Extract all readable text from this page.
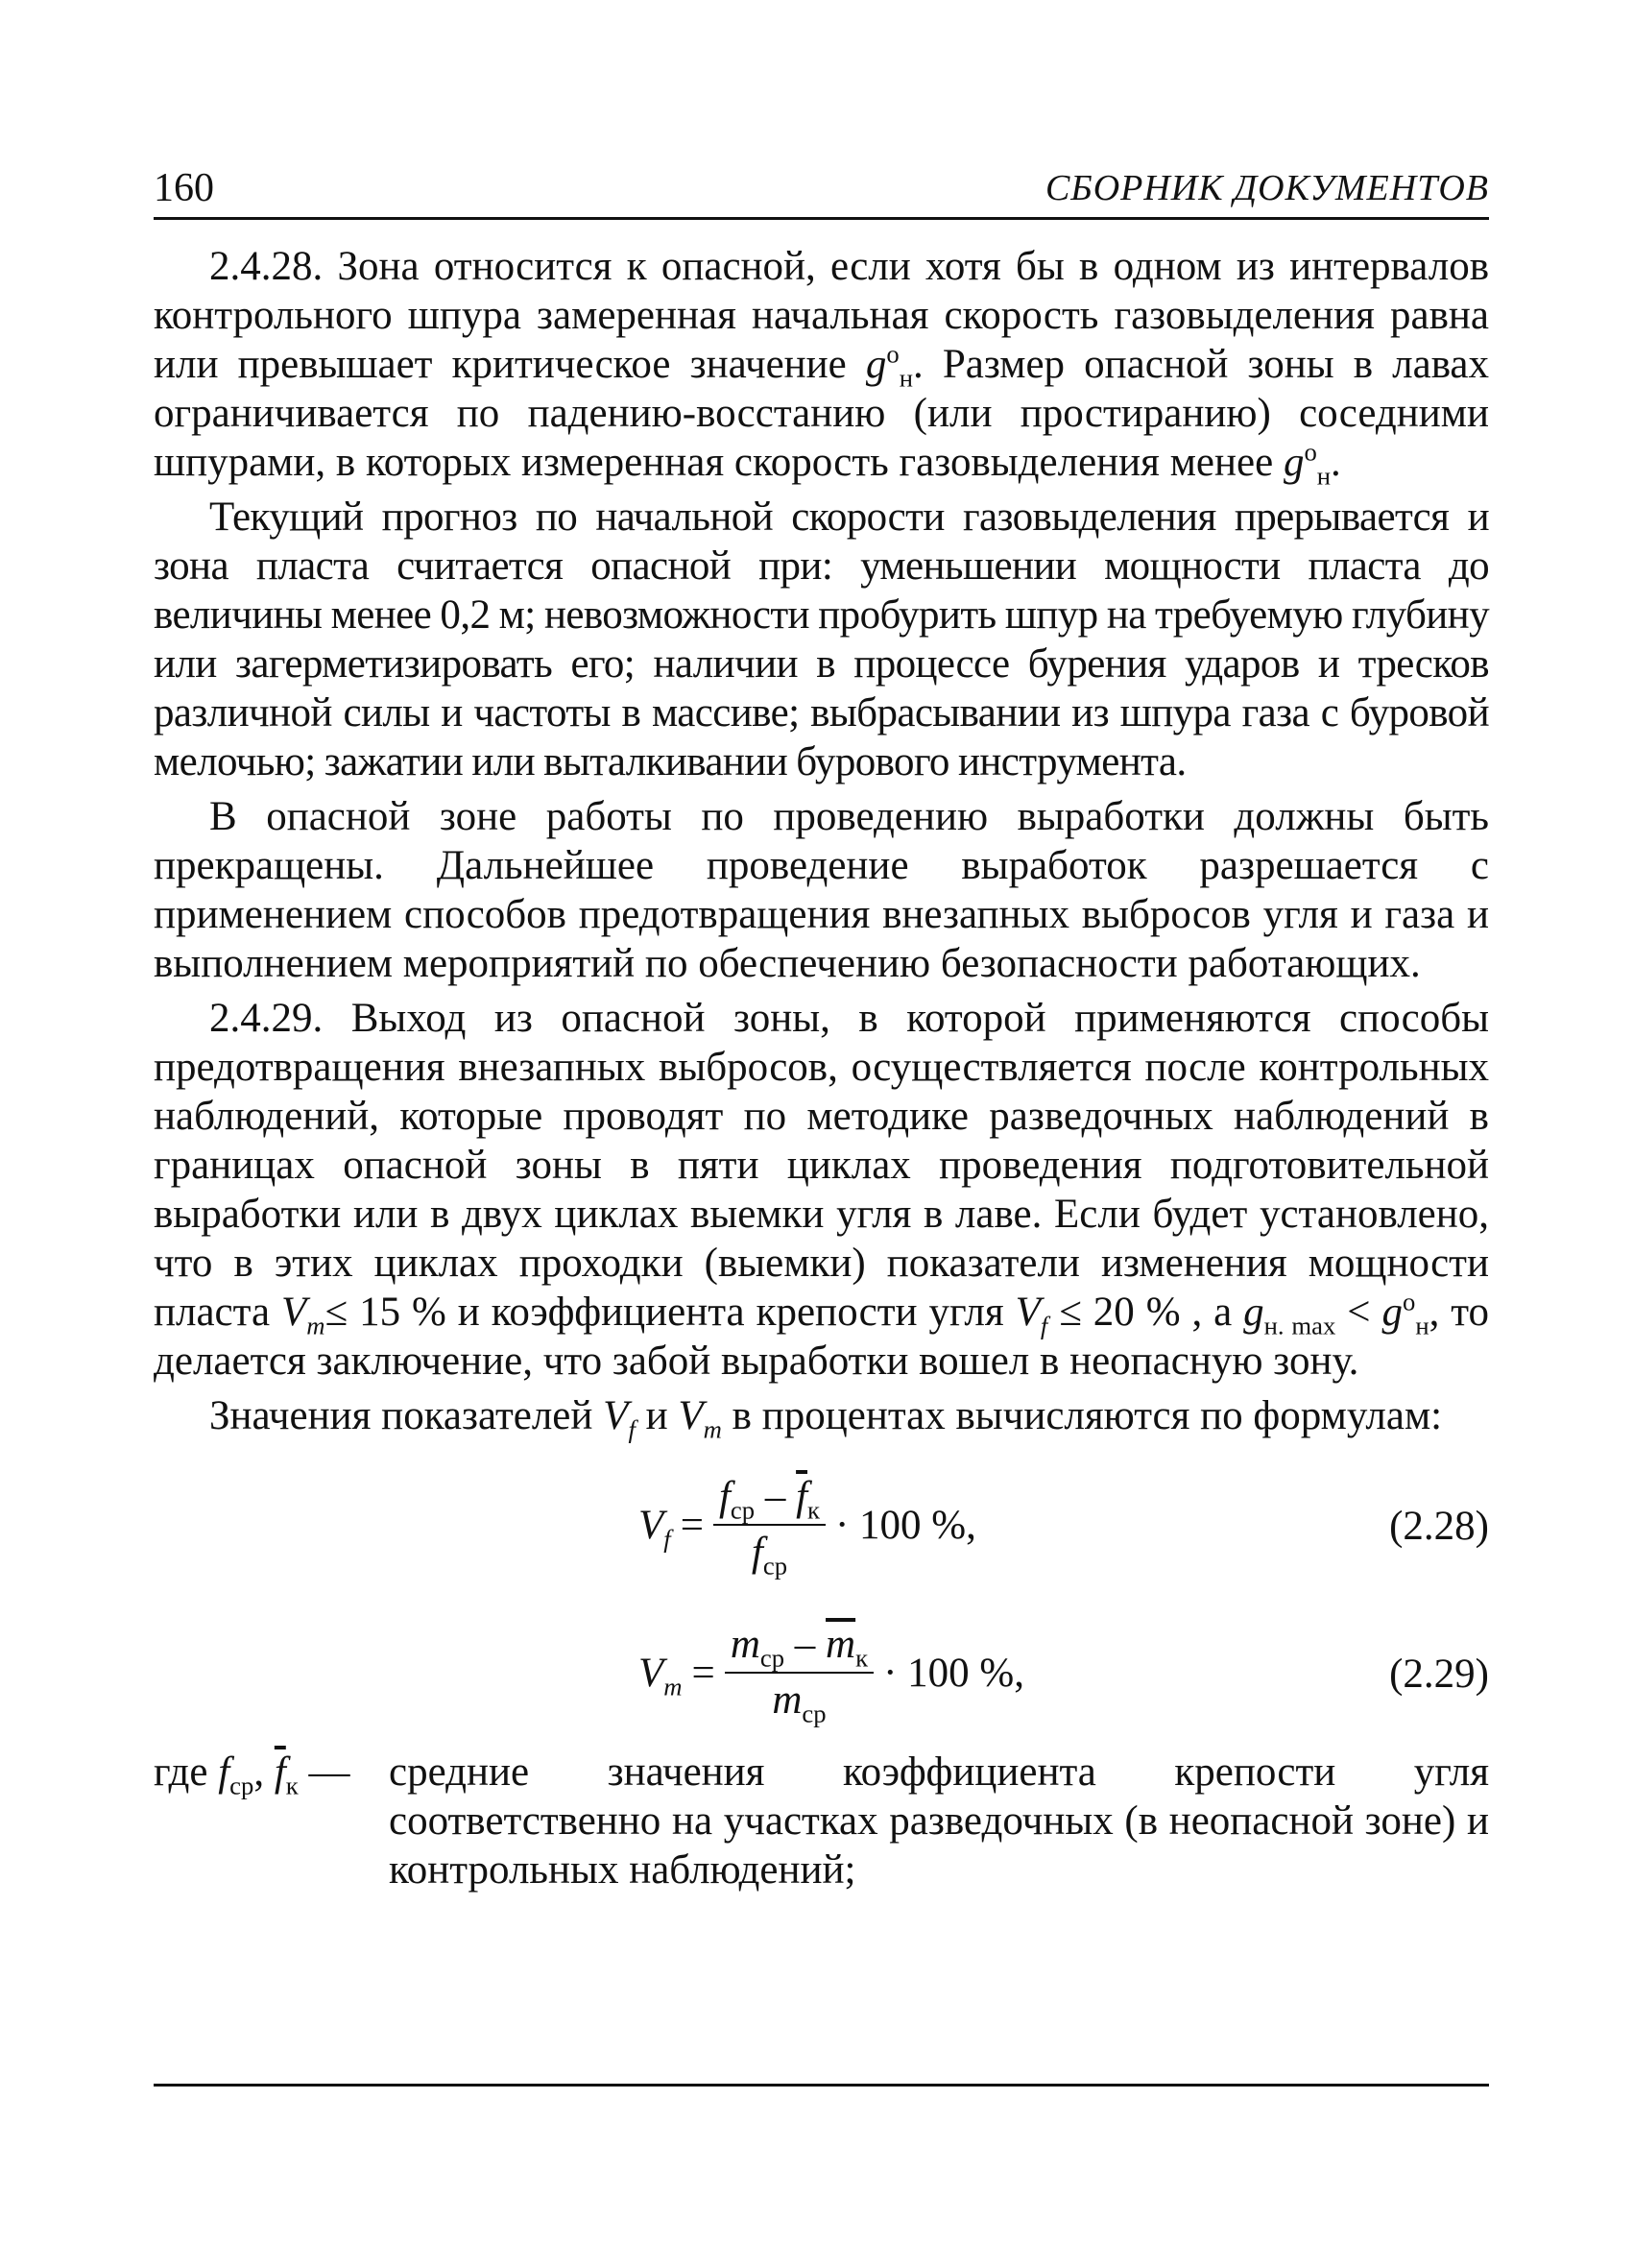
160	СБОРНИК ДОКУМЕНТОВ

2.4.28. Зона относится к опасной, если хотя бы в одном из интервалов контрольного шпура замеренная начальная скорость газовыделения равна или превышает критическое значение $g^о_н$. Размер опасной зоны в лавах ограничивается по падению-восстанию (или простиранию) соседними шпурами, в которых измеренная скорость газовыделения менее $g^о_н$.

Текущий прогноз по начальной скорости газовыделения прерывается и зона пласта считается опасной при: уменьшении мощности пласта до величины менее 0,2 м; невозможности пробурить шпур на требуемую глубину или загерметизировать его; наличии в процессе бурения ударов и тресков различной силы и частоты в массиве; выбрасывании из шпура газа с буровой мелочью; зажатии или выталкивании бурового инструмента.

В опасной зоне работы по проведению выработки должны быть прекращены. Дальнейшее проведение выработок разрешается с применением способов предотвращения внезапных выбросов угля и газа и выполнением мероприятий по обеспечению безопасности работающих.

2.4.29. Выход из опасной зоны, в которой применяются способы предотвращения внезапных выбросов, осуществляется после контрольных наблюдений, которые проводят по методике разведочных наблюдений в границах опасной зоны в пяти циклах проведения подготовительной выработки или в двух циклах выемки угля в лаве. Если будет установлено, что в этих циклах проходки (выемки) показатели изменения мощности пласта $V_m\le 15$ % и коэффициента крепости угля $V_f \le 20$ % , а $g_{н. max} < g^о_н$, то делается заключение, что забой выработки вошел в неопасную зону.

Значения показателей $V_f$ и $V_m$ в процентах вычисляются по формулам:

$V_f = \frac{f_{ср} - \overline{f}_к}{f_{ср}} \cdot 100$ %,	(2.28)
$V_m = \frac{m_{ср} - \overline{m}_к}{m_{ср}} \cdot 100$ %,	(2.29)
где $f_{ср}$, $\overline{f}_к$ — средние значения коэффициента крепости угля соответственно на участках разведочных (в неопасной зоне) и контрольных наблюдений;
